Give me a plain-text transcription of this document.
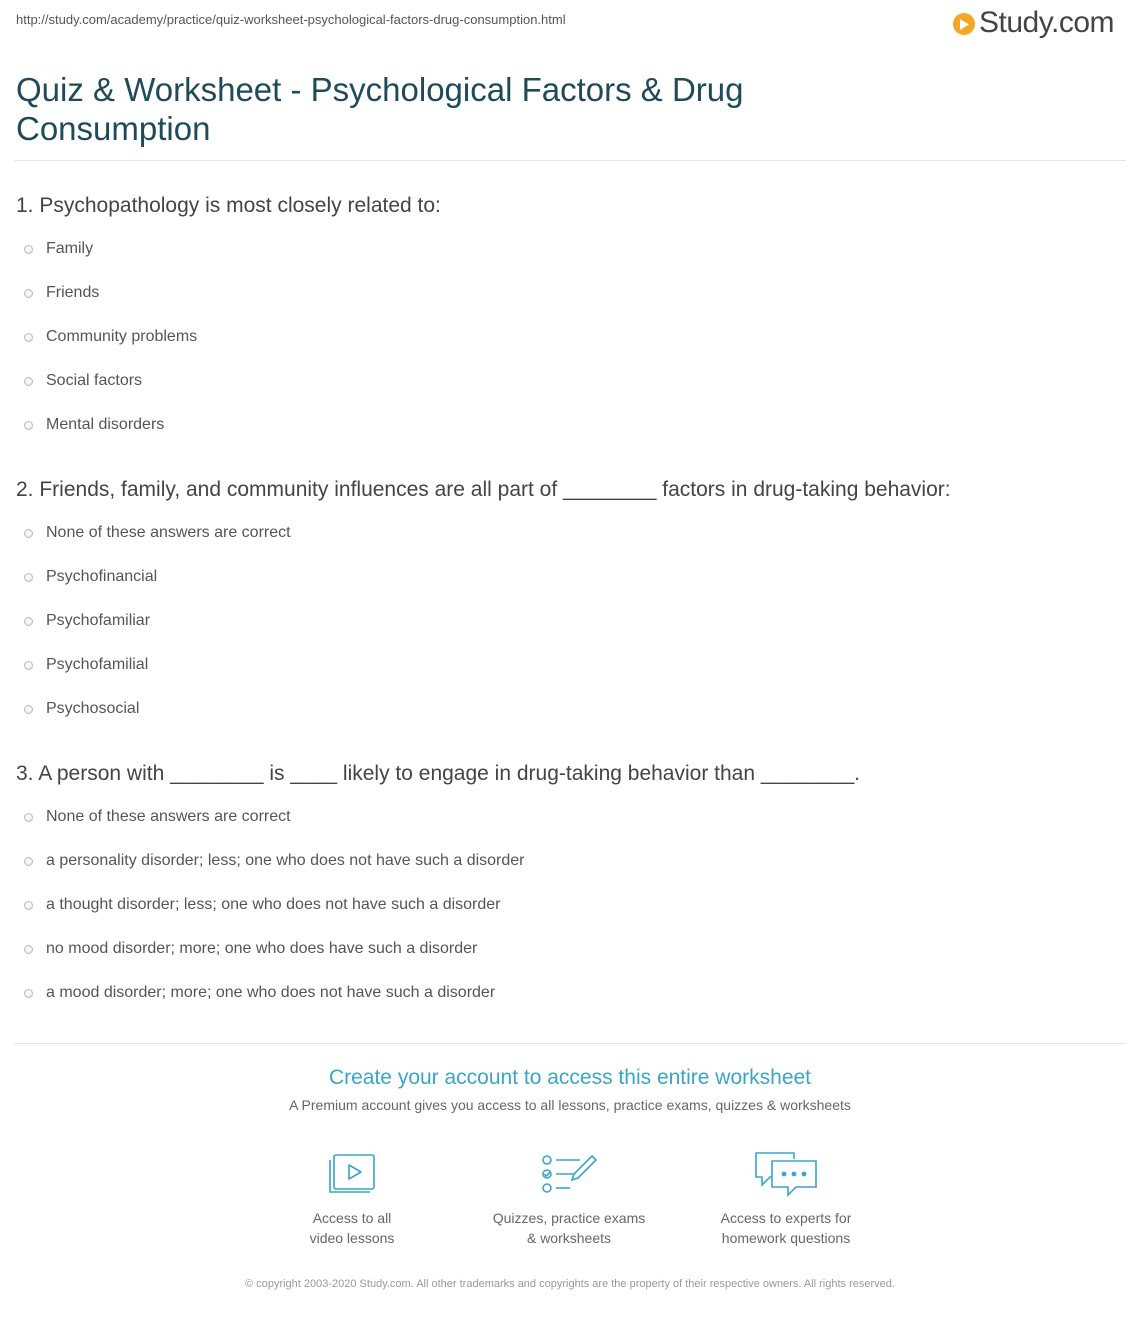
http://study.com/academy/practice/quiz-worksheet-psychological-factors-drug-consumption.html	Study.com
Quiz & Worksheet - Psychological Factors & Drug Consumption
1. Psychopathology is most closely related to:
Family
Friends
Community problems
Social factors
Mental disorders
2. Friends, family, and community influences are all part of ________ factors in drug-taking behavior:
None of these answers are correct
Psychofinancial
Psychofamiliar
Psychofamilial
Psychosocial
3. A person with ________ is ____ likely to engage in drug-taking behavior than ________.
None of these answers are correct
a personality disorder; less; one who does not have such a disorder
a thought disorder; less; one who does not have such a disorder
no mood disorder; more; one who does have such a disorder
a mood disorder; more; one who does not have such a disorder
Create your account to access this entire worksheet
A Premium account gives you access to all lessons, practice exams, quizzes & worksheets
Access to all
video lessons
Quizzes, practice exams
& worksheets
Access to experts for
homework questions
© copyright 2003-2020 Study.com. All other trademarks and copyrights are the property of their respective owners. All rights reserved.
